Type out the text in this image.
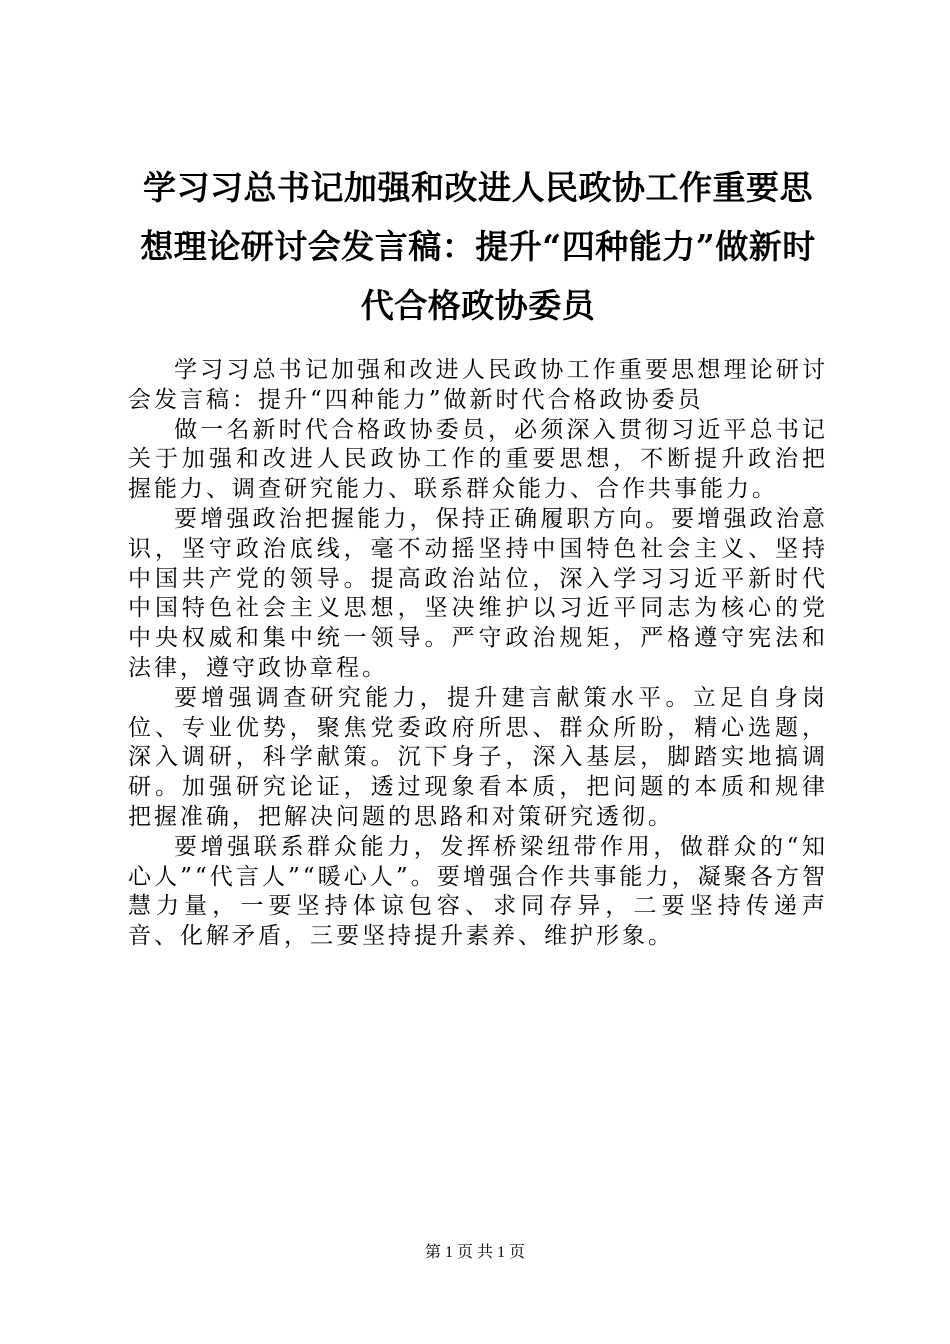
学习习总书记加强和改进人民政协工作重要思想理论研讨会发言稿：提升“四种能力”做新时代合格政协委员

学习习总书记加强和改进人民政协工作重要思想理论研讨会发言稿：提升“四种能力”做新时代合格政协委员

做一名新时代合格政协委员，必须深入贯彻习近平总书记关于加强和改进人民政协工作的重要思想，不断提升政治把握能力、调查研究能力、联系群众能力、合作共事能力。

要增强政治把握能力，保持正确履职方向。要增强政治意识，坚守政治底线，毫不动摇坚持中国特色社会主义、坚持中国共产党的领导。提高政治站位，深入学习习近平新时代中国特色社会主义思想，坚决维护以习近平同志为核心的党中央权威和集中统一领导。严守政治规矩，严格遵守宪法和法律，遵守政协章程。

要增强调查研究能力，提升建言献策水平。立足自身岗位、专业优势，聚焦党委政府所思、群众所盼，精心选题，深入调研，科学献策。沉下身子，深入基层，脚踏实地搞调研。加强研究论证，透过现象看本质，把问题的本质和规律把握准确，把解决问题的思路和对策研究透彻。

要增强联系群众能力，发挥桥梁纽带作用，做群众的“知心人”“代言人”“暖心人”。要增强合作共事能力，凝聚各方智慧力量，一要坚持体谅包容、求同存异，二要坚持传递声音、化解矛盾，三要坚持提升素养、维护形象。

第 1 页 共 1 页
